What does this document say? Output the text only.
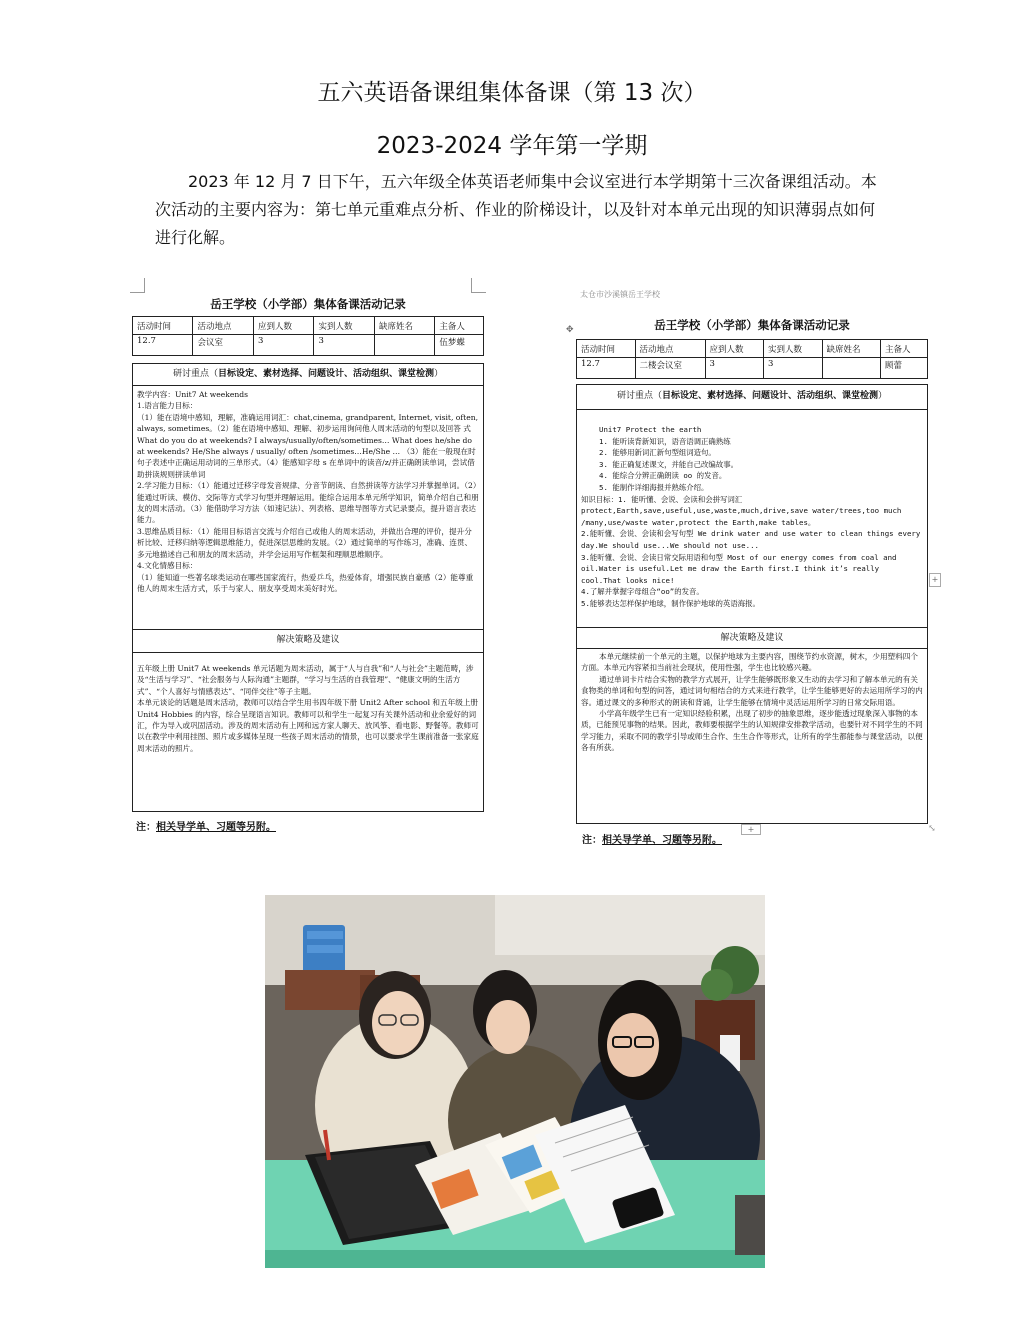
五六英语备课组集体备课（第 13 次）
2023-2024 学年第一学期
2023 年 12 月 7 日下午，五六年级全体英语老师集中会议室进行本学期第十三次备课组活动。本次活动的主要内容为：第七单元重难点分析、作业的阶梯设计，以及针对本单元出现的知识薄弱点如何进行化解。
岳王学校（小学部）集体备课活动记录
活动时间	活动地点	应到人数	实到人数	缺席姓名	主备人
12.7	会议室	3	3		伍梦蝶
研讨重点（目标设定、素材选择、问题设计、活动组织、课堂检测）
教学内容：Unit7 At weekends
1.语言能力目标：
（1）能在语境中感知，理解，准确运用词汇：chat,cinema, grandparent, Internet, visit, often, always, sometimes。（2）能在语境中感知、理解、初步运用询问他人周末活动的句型以及回答 式 What do you do at weekends? I always/usually/often/sometimes… What does he/she do at weekends? He/She always / usually/ often /sometimes…He/She … （3）能在一般现在时句子表述中正确运用动词的三单形式。（4）能感知字母 s 在单词中的读音/z/并正确朗读单词，尝试借助拼读规则拼读单词
2.学习能力目标：（1）能通过迁移字母发音规律、分音节朗读、自然拼读等方法学习并掌握单词。（2）能通过听读、模仿、交际等方式学习句型并理解运用。能综合运用本单元所学知识，简单介绍自己和朋友的周末活动。（3）能借助学习方法（如速记法）、列表格、思维导图等方式记录要点，提升语言表达能力。
3.思维品质目标：（1）能用目标语言交流与介绍自己或他人的周末活动，并做出合理的评价，提升分析比较、迁移归纳等逻辑思维能力，促进深层思维的发展。（2）通过简单的写作练习，准确、连贯、多元地描述自己和朋友的周末活动，并学会运用写作框架和理顺思维顺序。
4.文化情感目标：
（1）能知道一些著名球类运动在哪些国家流行，热爱乒乓，热爱体育，增强民族自豪感（2）能尊重他人的周末生活方式，乐于与家人、朋友享受周末美好时光。
解决策略及建议
五年级上册 Unit7 At weekends 单元话题为周末活动，属于“人与自我”和“人与社会”主题范畴，涉及“生活与学习”、“社会服务与人际沟通”主题群，“学习与生活的自我管理”、“健康文明的生活方式”、“个人喜好与情感表达”、“同伴交往”等子主题。
本单元谈论的话题是周末活动，教师可以结合学生用书四年级下册 Unit2 After school 和五年级上册 Unit4 Hobbies 的内容，综合呈现语言知识。教师可以和学生一起复习有关课外活动和业余爱好的词汇，作为导入或巩固活动。涉及的周末活动有上网和远方家人聊天、放风筝、看电影、野餐等。教师可以在教学中利用挂图、照片或多媒体呈现一些孩子周末活动的情景，也可以要求学生课前准备一张家庭周末活动的照片。
注：相关导学单、习题等另附。
太仓市沙溪镇岳王学校
✥	岳王学校（小学部）集体备课活动记录
活动时间	活动地点	应到人数	实到人数	缺席姓名	主备人
12.7	二楼会议室	3	3		顾蕾
研讨重点（目标设定、素材选择、问题设计、活动组织、课堂检测）
Unit7 Protect the earth
1. 能听读背新知识，语音语调正确熟练
2. 能够用新词汇新句型组词造句。
3. 能正确复述课文，并能自己改编故事。
4. 能综合分辨正确朗读 oo 的发音。
5. 能制作详细海报并熟练介绍。
知识目标：1. 能听懂、会说、会读和会拼写词汇
protect,Earth,save,useful,use,waste,much,drive,save water/trees,too much /many,use/waste water,protect the Earth,make tables。
2.能听懂、会说、会读和会写句型 We drink water and use water to clean things every day.We should use...We should not use...
3.能听懂、会说、会读日常交际用语和句型 Most of our energy comes from coal and oil.Water is useful.Let me draw the Earth first.I think it’s really cool.That looks nice!
4.了解并掌握字母组合“oo”的发音。
5.能够表达怎样保护地球，制作保护地球的英语海报。
+
解决策略及建议
本单元继续前一个单元的主题，以保护地球为主要内容，围绕节约水资源，树木，少用塑料四个方面。本单元内容紧扣当前社会现状，使用性强，学生也比较感兴趣。
通过单词卡片结合实物的教学方式展开，让学生能够既形象又生动的去学习和了解本单元的有关食物类的单词和句型的问答，通过词句相结合的方式来进行教学，让学生能够更好的去运用所学习的内容。通过课文的多种形式的朗读和背诵，让学生能够在情境中灵活运用所学习的日常交际用语。
小学高年级学生已有一定知识经验积累，出现了初步的抽象思维，逐步能透过现象深入事物的本质，已能预见事物的结果。因此，教师要根据学生的认知规律安排教学活动，也要针对不同学生的不同学习能力，采取不同的教学引导或师生合作、生生合作等形式，让所有的学生都能参与课堂活动，以便各有所获。
+	⤡
注：相关导学单、习题等另附。
